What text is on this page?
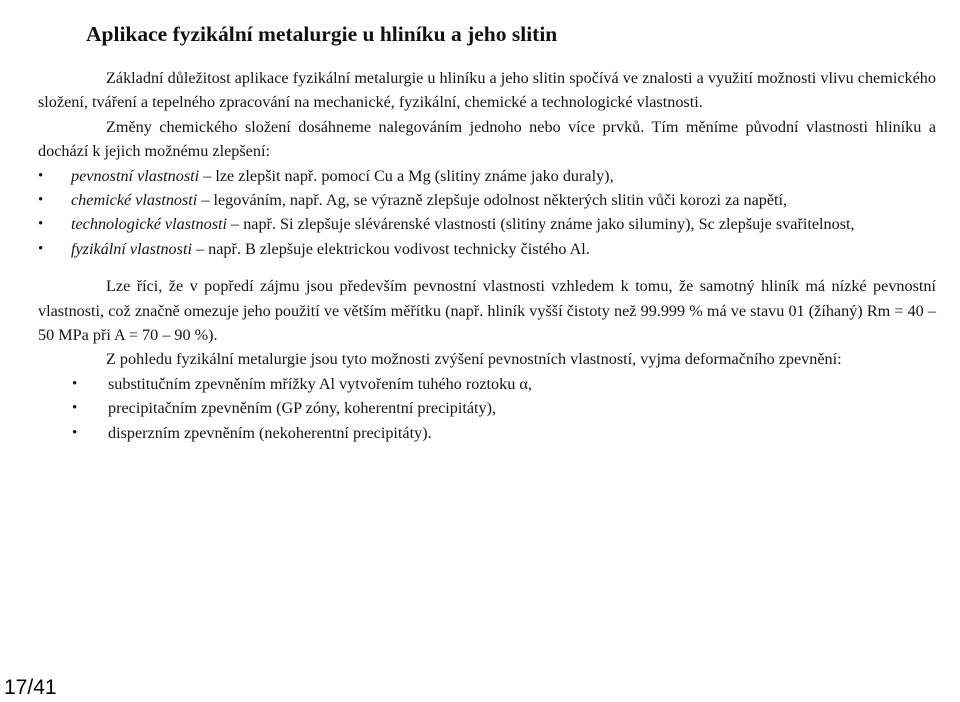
Aplikace fyzikální metalurgie u hliníku a jeho slitin

Základní důležitost aplikace fyzikální metalurgie u hliníku a jeho slitin spočívá ve znalosti a využití možnosti vlivu chemického složení, tváření a tepelného zpracování na mechanické, fyzikální, chemické a technologické vlastnosti.

Změny chemického složení dosáhneme nalegováním jednoho nebo více prvků. Tím měníme původní vlastnosti hliníku a dochází k jejich možnému zlepšení:

• pevnostní vlastnosti – lze zlepšit např. pomocí Cu a Mg (slitiny známe jako duraly),
• chemické vlastnosti – legováním, např. Ag, se výrazně zlepšuje odolnost některých slitin vůči korozi za napětí,
• technologické vlastnosti – např. Si zlepšuje slévárenské vlastnosti (slitiny známe jako siluminy), Sc zlepšuje svařitelnost,
• fyzikální vlastnosti – např. B zlepšuje elektrickou vodivost technicky čistého Al.

Lze říci, že v popředí zájmu jsou především pevnostní vlastnosti vzhledem k tomu, že samotný hliník má nízké pevnostní vlastnosti, což značně omezuje jeho použití ve větším měřítku (např. hliník vyšší čistoty než 99.999 % má ve stavu 01 (žíhaný) Rm = 40 – 50 MPa při A = 70 – 90 %).

Z pohledu fyzikální metalurgie jsou tyto možnosti zvýšení pevnostních vlastností, vyjma deformačního zpevnění:

• substitučním zpevněním mřížky Al vytvořením tuhého roztoku α,
• precipitačním zpevněním (GP zóny, koherentní precipitáty),
• disperzním zpevněním (nekoherentní precipitáty).

17/41
